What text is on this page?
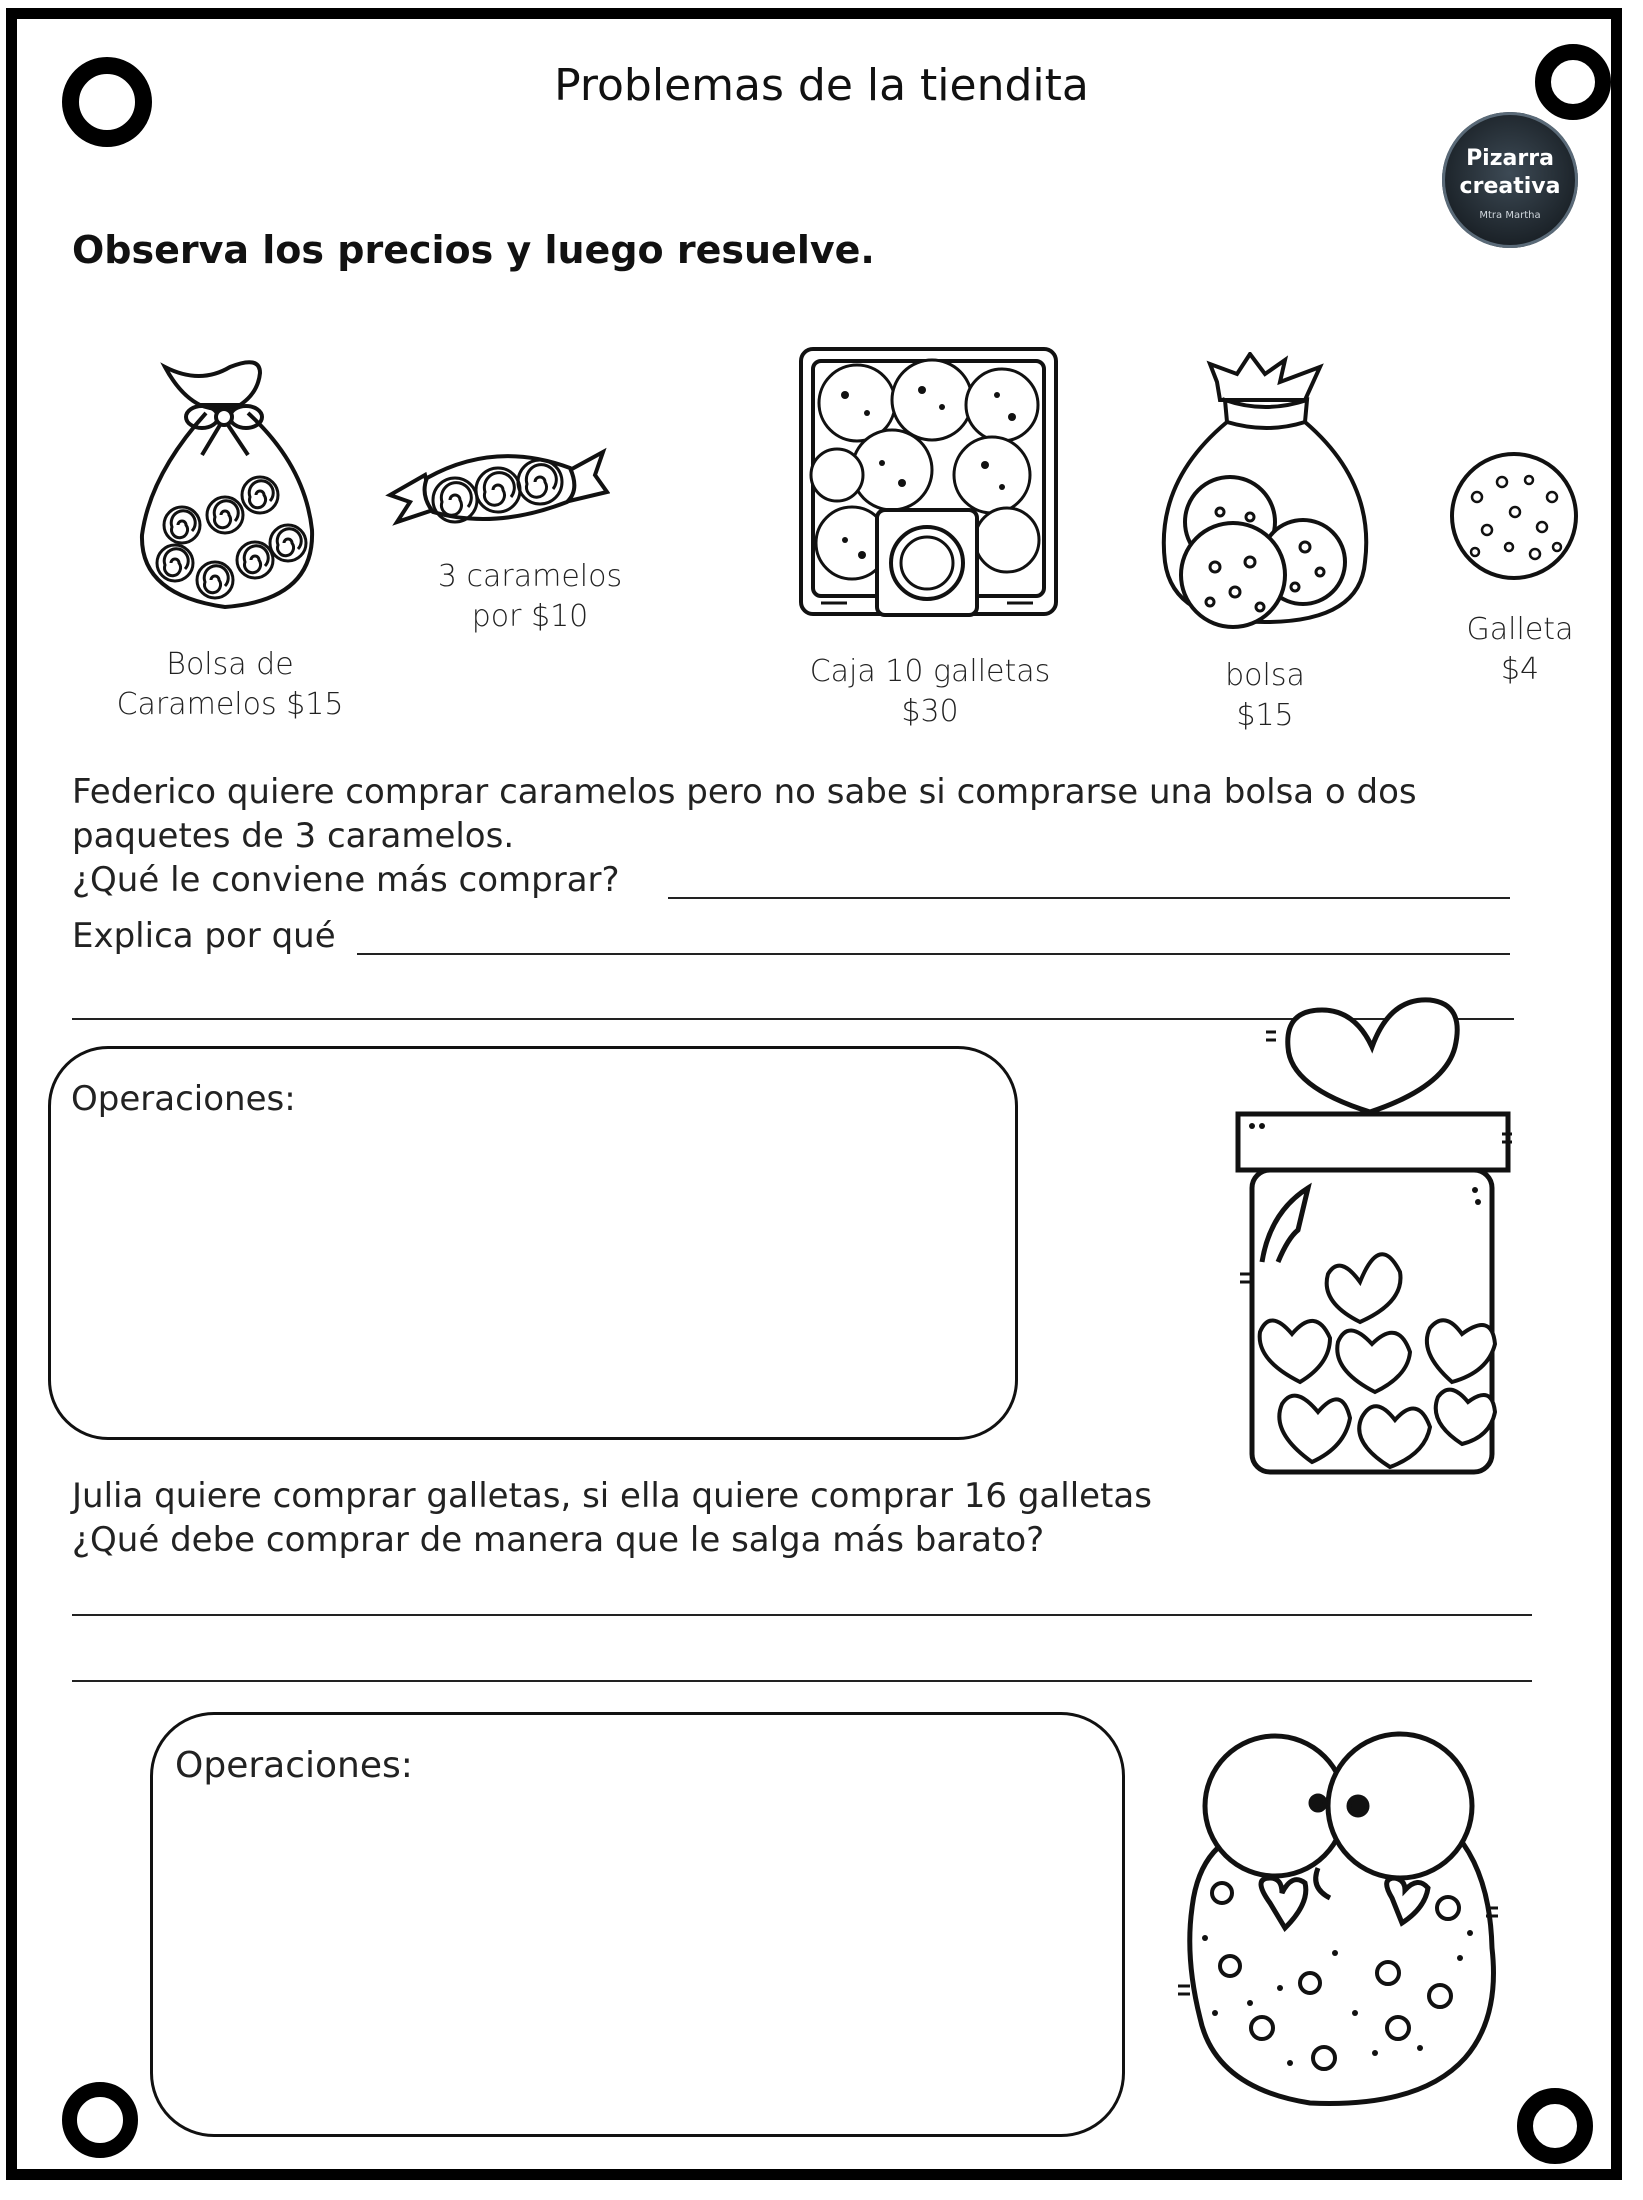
Problemas de la tiendita
Pizarra
creativa
Mtra Martha
Observa los precios y luego resuelve.
Bolsa de
Caramelos $15
3 caramelos
por $10
Caja 10 galletas
$30
bolsa
$15
Galleta
$4
Federico quiere comprar caramelos pero no sabe si comprarse una bolsa o dos
paquetes de 3 caramelos.
¿Qué le conviene más comprar?
Explica por qué
Operaciones:
Julia quiere comprar galletas, si ella quiere comprar 16 galletas
¿Qué debe comprar de manera que le salga más barato?
Operaciones:
